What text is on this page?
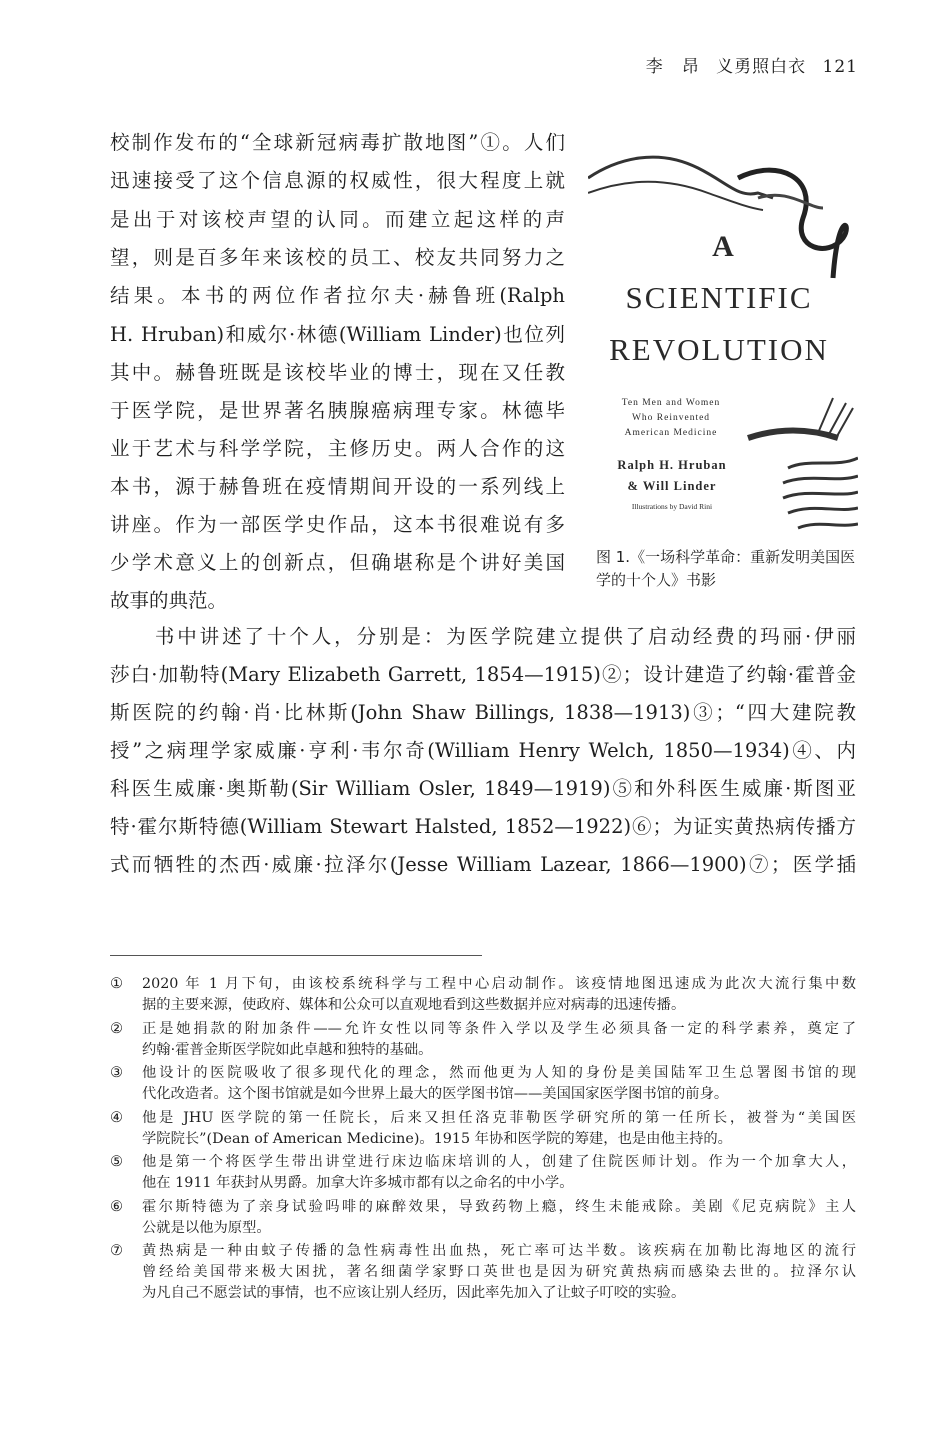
李　昂 义勇照白衣 121
校制作发布的“全球新冠病毒扩散地图”①。人们
迅速接受了这个信息源的权威性，很大程度上就
是出于对该校声望的认同。而建立起这样的声
望，则是百多年来该校的员工、校友共同努力之
结果。本书的两位作者拉尔夫·赫鲁班(Ralph
H. Hruban)和威尔·林德(William Linder)也位列
其中。赫鲁班既是该校毕业的博士，现在又任教
于医学院，是世界著名胰腺癌病理专家。林德毕
业于艺术与科学学院，主修历史。两人合作的这
本书，源于赫鲁班在疫情期间开设的一系列线上
讲座。作为一部医学史作品，这本书很难说有多
少学术意义上的创新点，但确堪称是个讲好美国
故事的典范。
　　书中讲述了十个人，分别是：为医学院建立提供了启动经费的玛丽·伊丽
莎白·加勒特(Mary Elizabeth Garrett, 1854—1915)②；设计建造了约翰·霍普金
斯医院的约翰·肖·比林斯(John Shaw Billings, 1838—1913)③；“四大建院教
授”之病理学家威廉·亨利·韦尔奇(William Henry Welch, 1850—1934)④、内
科医生威廉·奥斯勒(Sir William Osler, 1849—1919)⑤和外科医生威廉·斯图亚
特·霍尔斯特德(William Stewart Halsted, 1852—1922)⑥；为证实黄热病传播方
式而牺牲的杰西·威廉·拉泽尔(Jesse William Lazear, 1866—1900)⑦；医学插
A
SCIENTIFIC
REVOLUTION
Ten Men and Women
Who Reinvented
American Medicine
Ralph H. Hruban
& Will Linder
Illustrations by David Rini
图 1.《一场科学革命：重新发明美国医学的十个人》书影
① 2020 年 1 月下旬，由该校系统科学与工程中心启动制作。该疫情地图迅速成为此次大流行集中数
据的主要来源，使政府、媒体和公众可以直观地看到这些数据并应对病毒的迅速传播。
② 正是她捐款的附加条件——允许女性以同等条件入学以及学生必须具备一定的科学素养，奠定了
约翰·霍普金斯医学院如此卓越和独特的基础。
③ 他设计的医院吸收了很多现代化的理念，然而他更为人知的身份是美国陆军卫生总署图书馆的现
代化改造者。这个图书馆就是如今世界上最大的医学图书馆——美国国家医学图书馆的前身。
④ 他是 JHU 医学院的第一任院长，后来又担任洛克菲勒医学研究所的第一任所长，被誉为“美国医
学院院长”(Dean of American Medicine)。1915 年协和医学院的筹建，也是由他主持的。
⑤ 他是第一个将医学生带出讲堂进行床边临床培训的人，创建了住院医师计划。作为一个加拿大人，
他在 1911 年获封从男爵。加拿大许多城市都有以之命名的中小学。
⑥ 霍尔斯特德为了亲身试验吗啡的麻醉效果，导致药物上瘾，终生未能戒除。美剧《尼克病院》主人
公就是以他为原型。
⑦ 黄热病是一种由蚊子传播的急性病毒性出血热，死亡率可达半数。该疾病在加勒比海地区的流行
曾经给美国带来极大困扰，著名细菌学家野口英世也是因为研究黄热病而感染去世的。拉泽尔认
为凡自己不愿尝试的事情，也不应该让别人经历，因此率先加入了让蚊子叮咬的实验。
